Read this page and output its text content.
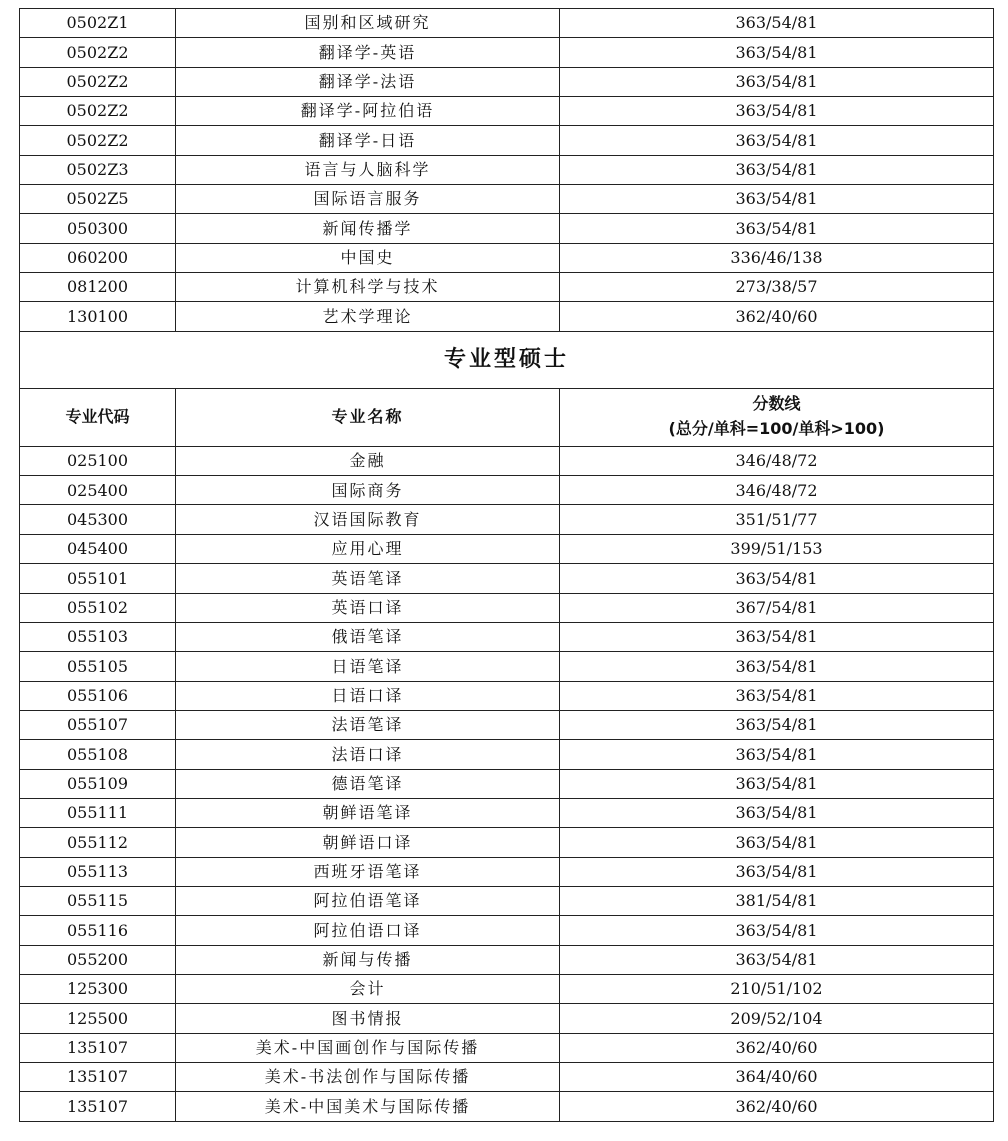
0502Z1	国别和区域研究	363/54/81
0502Z2	翻译学-英语	363/54/81
0502Z2	翻译学-法语	363/54/81
0502Z2	翻译学-阿拉伯语	363/54/81
0502Z2	翻译学-日语	363/54/81
0502Z3	语言与人脑科学	363/54/81
0502Z5	国际语言服务	363/54/81
050300	新闻传播学	363/54/81
060200	中国史	336/46/138
081200	计算机科学与技术	273/38/57
130100	艺术学理论	362/40/60
专业型硕士		
专业代码	专业名称	分数线
(总分/单科=100/单科>100)

025100	金融	346/48/72
025400	国际商务	346/48/72
045300	汉语国际教育	351/51/77
045400	应用心理	399/51/153
055101	英语笔译	363/54/81
055102	英语口译	367/54/81
055103	俄语笔译	363/54/81
055105	日语笔译	363/54/81
055106	日语口译	363/54/81
055107	法语笔译	363/54/81
055108	法语口译	363/54/81
055109	德语笔译	363/54/81
055111	朝鲜语笔译	363/54/81
055112	朝鲜语口译	363/54/81
055113	西班牙语笔译	363/54/81
055115	阿拉伯语笔译	381/54/81
055116	阿拉伯语口译	363/54/81
055200	新闻与传播	363/54/81
125300	会计	210/51/102
125500	图书情报	209/52/104
135107	美术-中国画创作与国际传播	362/40/60
135107	美术-书法创作与国际传播	364/40/60
135107	美术-中国美术与国际传播	362/40/60
